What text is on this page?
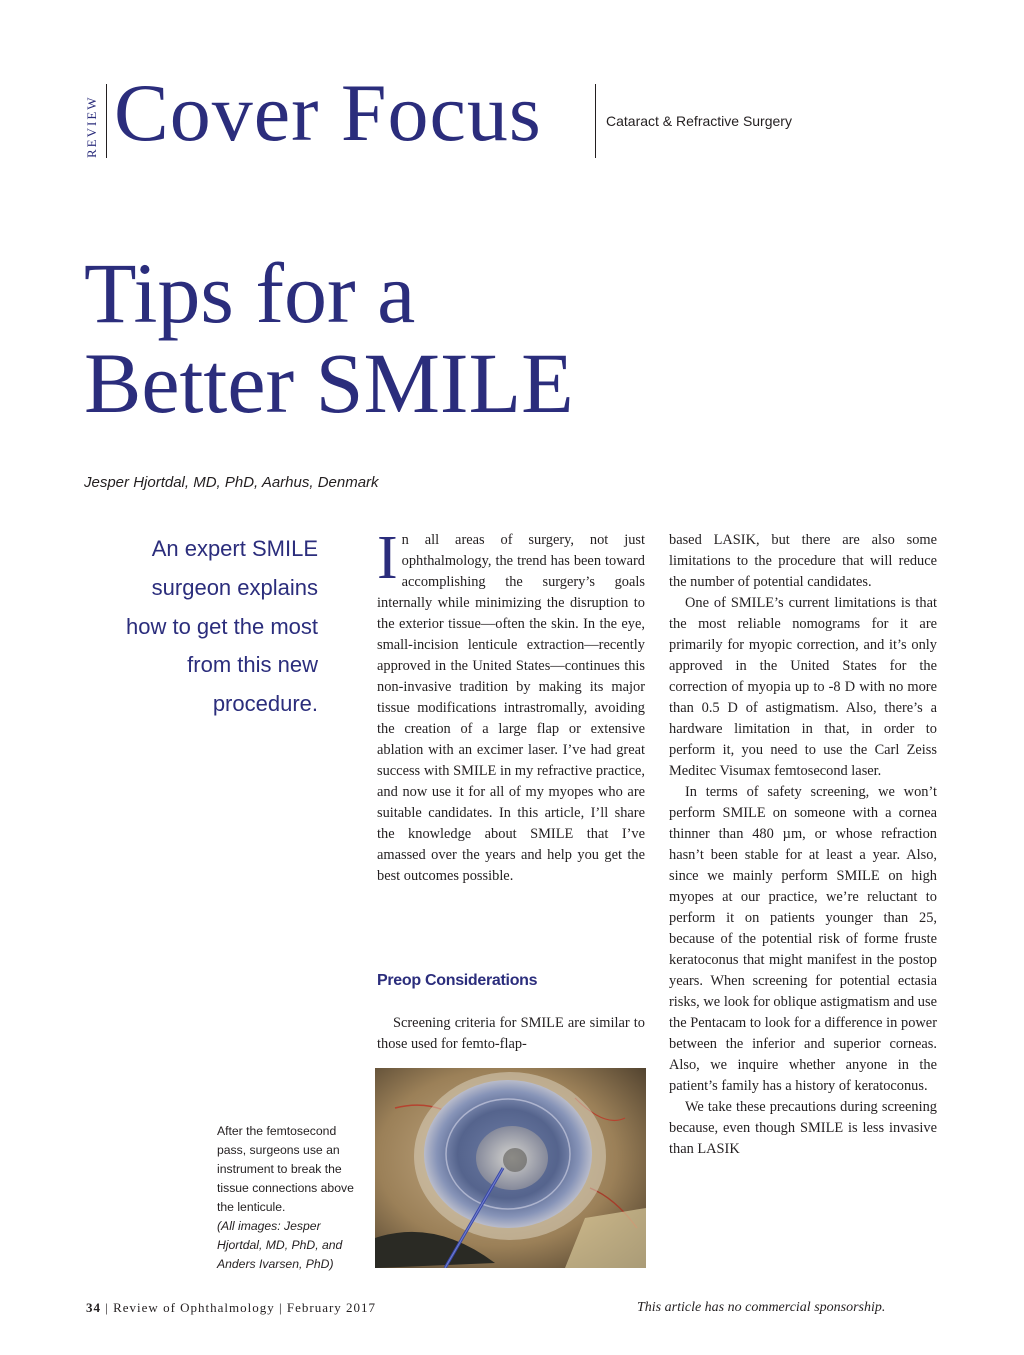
REVIEW Cover Focus	Cataract & Refractive Surgery
Tips for a
Better SMILE
Jesper Hjortdal, MD, PhD, Aarhus, Denmark
An expert SMILE surgeon explains how to get the most from this new procedure.

In all areas of surgery, not just ophthalmology, the trend has been toward accomplishing the surgery’s goals internally while minimizing the disruption to the exterior tissue—often the skin. In the eye, small-incision lenticule extraction—recently approved in the United States—continues this non-invasive tradition by making its major tissue modifications intrastromally, avoiding the creation of a large flap or extensive ablation with an excimer laser. I’ve had great success with SMILE in my refractive practice, and now use it for all of my myopes who are suitable candidates. In this article, I’ll share the knowledge about SMILE that I’ve amassed over the years and help you get the best outcomes possible.

Preop Considerations

Screening criteria for SMILE are similar to those used for femto-flap-

After the femtosecond pass, surgeons use an instrument to break the tissue connections above the lenticule.
(All images: Jesper Hjortdal, MD, PhD, and Anders Ivarsen, PhD)

based LASIK, but there are also some limitations to the procedure that will reduce the number of potential candidates.

One of SMILE’s current limitations is that the most reliable nomograms for it are primarily for myopic correction, and it’s only approved in the United States for the correction of myopia up to -8 D with no more than 0.5 D of astigmatism. Also, there’s a hardware limitation in that, in order to perform it, you need to use the Carl Zeiss Meditec Visumax femtosecond laser.

In terms of safety screening, we won’t perform SMILE on someone with a cornea thinner than 480 µm, or whose refraction hasn’t been stable for at least a year. Also, since we mainly perform SMILE on high myopes at our practice, we’re reluctant to perform it on patients younger than 25, because of the potential risk of forme fruste keratoconus that might manifest in the postop years. When screening for potential ectasia risks, we look for oblique astigmatism and use the Pentacam to look for a difference in power between the inferior and superior corneas. Also, we inquire whether anyone in the patient’s family has a history of keratoconus.

We take these precautions during screening because, even though SMILE is less invasive than LASIK

34 | Review of Ophthalmology | February 2017	This article has no commercial sponsorship.
